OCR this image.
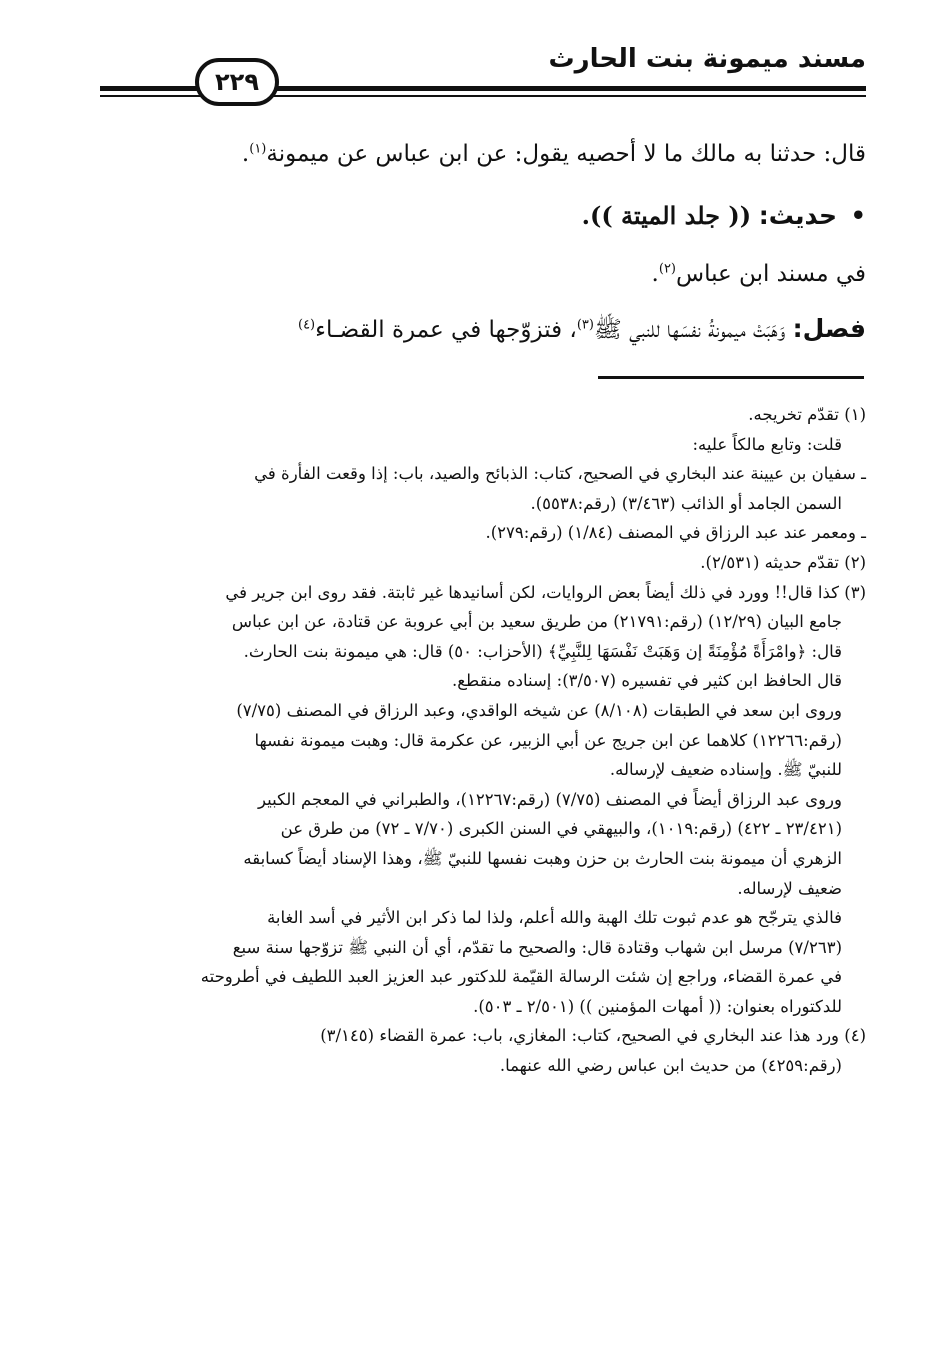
مسند ميمونة بنت الحارث
٢٢٩
قال: حدثنا به مالك ما لا أحصيه يقول: عن ابن عباس عن ميمونة$^{(١)}$.
• حديث: (( جلد الميتة )).
في مسند ابن عباس$^{(٢)}$.
فصل: وَهَبَتْ ميمونةُ نفسَها للنبي ﷺ$^{(٣)}$، فتزوّجها في عمرة القضـاء$^{(٤)}$
(١) تقدّم تخريجه.
قلت: وتابع مالكاً عليه:
ـ سفيان بن عيينة عند البخاري في الصحيح، كتاب: الذبائح والصيد، باب: إذا وقعت الفأرة في
السمن الجامد أو الذائب (٣/٤٦٣) (رقم:٥٥٣٨).
ـ ومعمر عند عبد الرزاق في المصنف (١/٨٤) (رقم:٢٧٩).
(٢) تقدّم حديثه (٢/٥٣١).
(٣) كذا قال!! وورد في ذلك أيضاً بعض الروايات، لكن أسانيدها غير ثابتة. فقد روى ابن جرير في
جامع البيان (١٢/٢٩) (رقم:٢١٧٩١) من طريق سعيد بن أبي عروبة عن قتادة، عن ابن عباس
قال: ﴿وامْرَأَةً مُؤْمِنَةً إن وَهَبَتْ نَفْسَهَا لِلنَّبِيِّ﴾ (الأحزاب: ٥٠) قال: هي ميمونة بنت الحارث.
قال الحافظ ابن كثير في تفسيره (٣/٥٠٧): إسناده منقطع.
وروى ابن سعد في الطبقات (٨/١٠٨) عن شيخه الواقدي، وعبد الرزاق في المصنف (٧/٧٥)
(رقم:١٢٢٦٦) كلاهما عن ابن جريج عن أبي الزبير، عن عكرمة قال: وهبت ميمونة نفسها
للنبيّ ﷺ. وإسناده ضعيف لإرساله.
وروى عبد الرزاق أيضاً في المصنف (٧/٧٥) (رقم:١٢٢٦٧)، والطبراني في المعجم الكبير
(٢٣/٤٢١ ـ ٤٢٢) (رقم:١٠١٩)، والبيهقي في السنن الكبرى (٧/٧٠ ـ ٧٢) من طرق عن
الزهري أن ميمونة بنت الحارث بن حزن وهبت نفسها للنبيّ ﷺ، وهذا الإسناد أيضاً كسابقه
ضعيف لإرساله.
فالذي يترجّح هو عدم ثبوت تلك الهبة والله أعلم، ولذا لما ذكر ابن الأثير في أسد الغابة
(٧/٢٦٣) مرسل ابن شهاب وقتادة قال: والصحيح ما تقدّم، أي أن النبي ﷺ تزوّجها سنة سبع
في عمرة القضاء، وراجع إن شئت الرسالة القيّمة للدكتور عبد العزيز العبد اللطيف في أطروحته
للدكتوراه بعنوان: (( أمهات المؤمنين )) (٢/٥٠١ ـ ٥٠٣).
(٤) ورد هذا عند البخاري في الصحيح، كتاب: المغازي، باب: عمرة القضاء (٣/١٤٥)
(رقم:٤٢٥٩) من حديث ابن عباس رضي الله عنهما.
